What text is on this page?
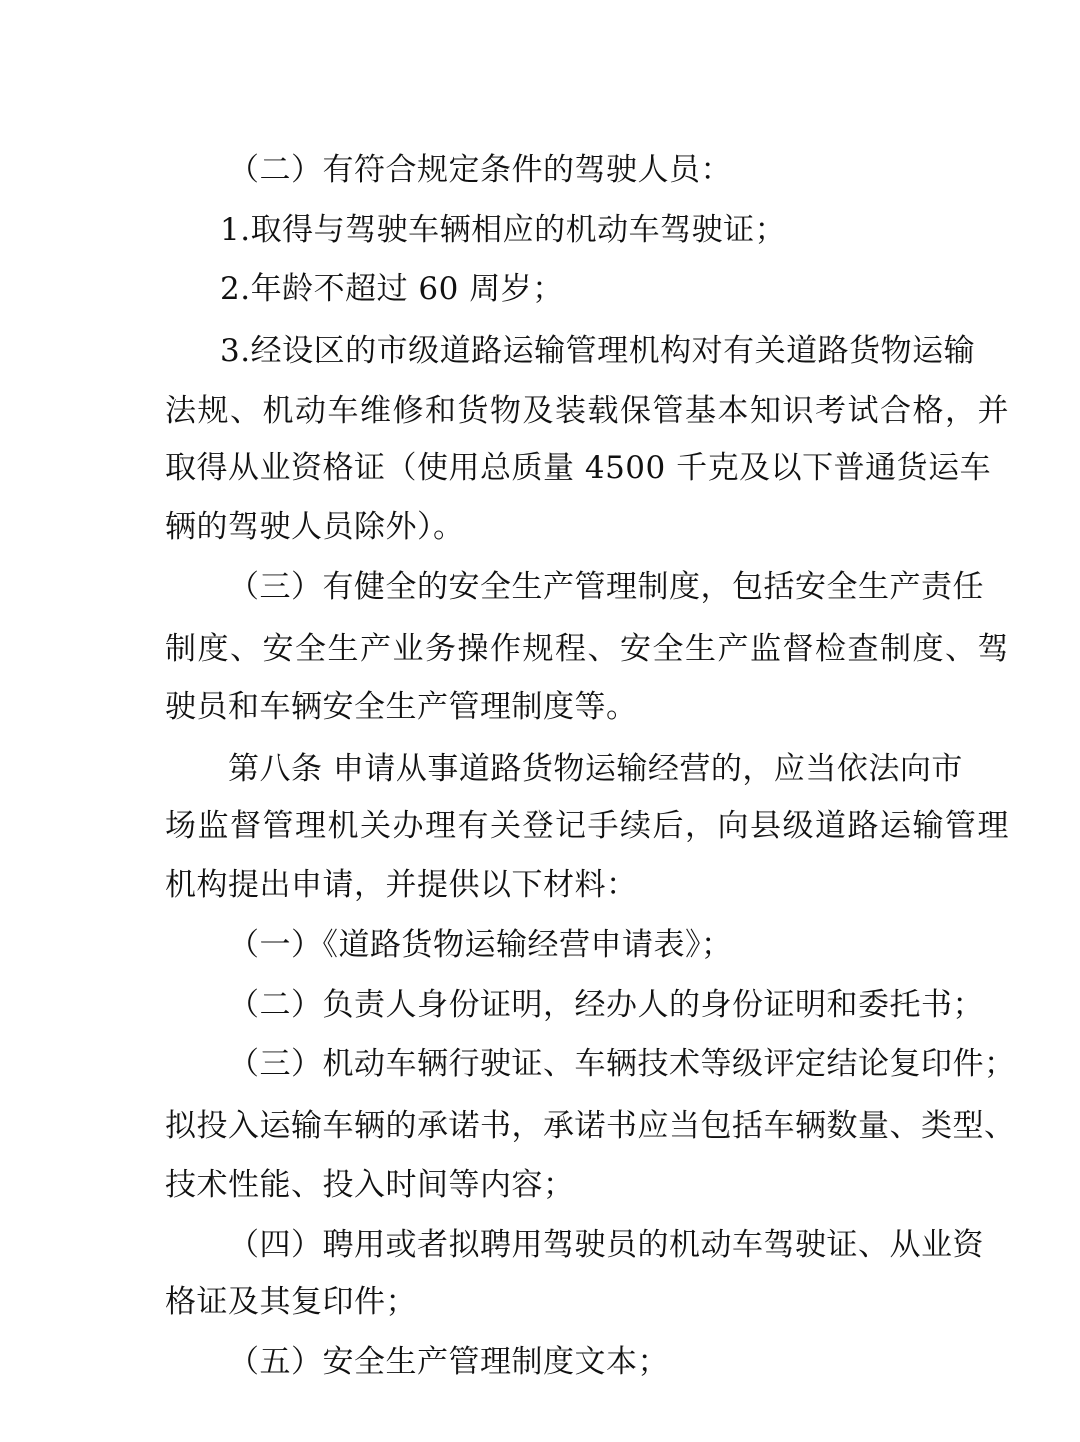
（二）有符合规定条件的驾驶人员：
1.取得与驾驶车辆相应的机动车驾驶证；
2.年龄不超过 60 周岁；
3.经设区的市级道路运输管理机构对有关道路货物运输
法规、机动车维修和货物及装载保管基本知识考试合格，并
取得从业资格证（使用总质量 4500 千克及以下普通货运车
辆的驾驶人员除外）。
（三）有健全的安全生产管理制度，包括安全生产责任
制度、安全生产业务操作规程、安全生产监督检查制度、驾
驶员和车辆安全生产管理制度等。
第八条 申请从事道路货物运输经营的，应当依法向市
场监督管理机关办理有关登记手续后，向县级道路运输管理
机构提出申请，并提供以下材料：
（一）《道路货物运输经营申请表》；
（二）负责人身份证明，经办人的身份证明和委托书；
（三）机动车辆行驶证、车辆技术等级评定结论复印件；
拟投入运输车辆的承诺书，承诺书应当包括车辆数量、类型、
技术性能、投入时间等内容；
（四）聘用或者拟聘用驾驶员的机动车驾驶证、从业资
格证及其复印件；
（五）安全生产管理制度文本；
